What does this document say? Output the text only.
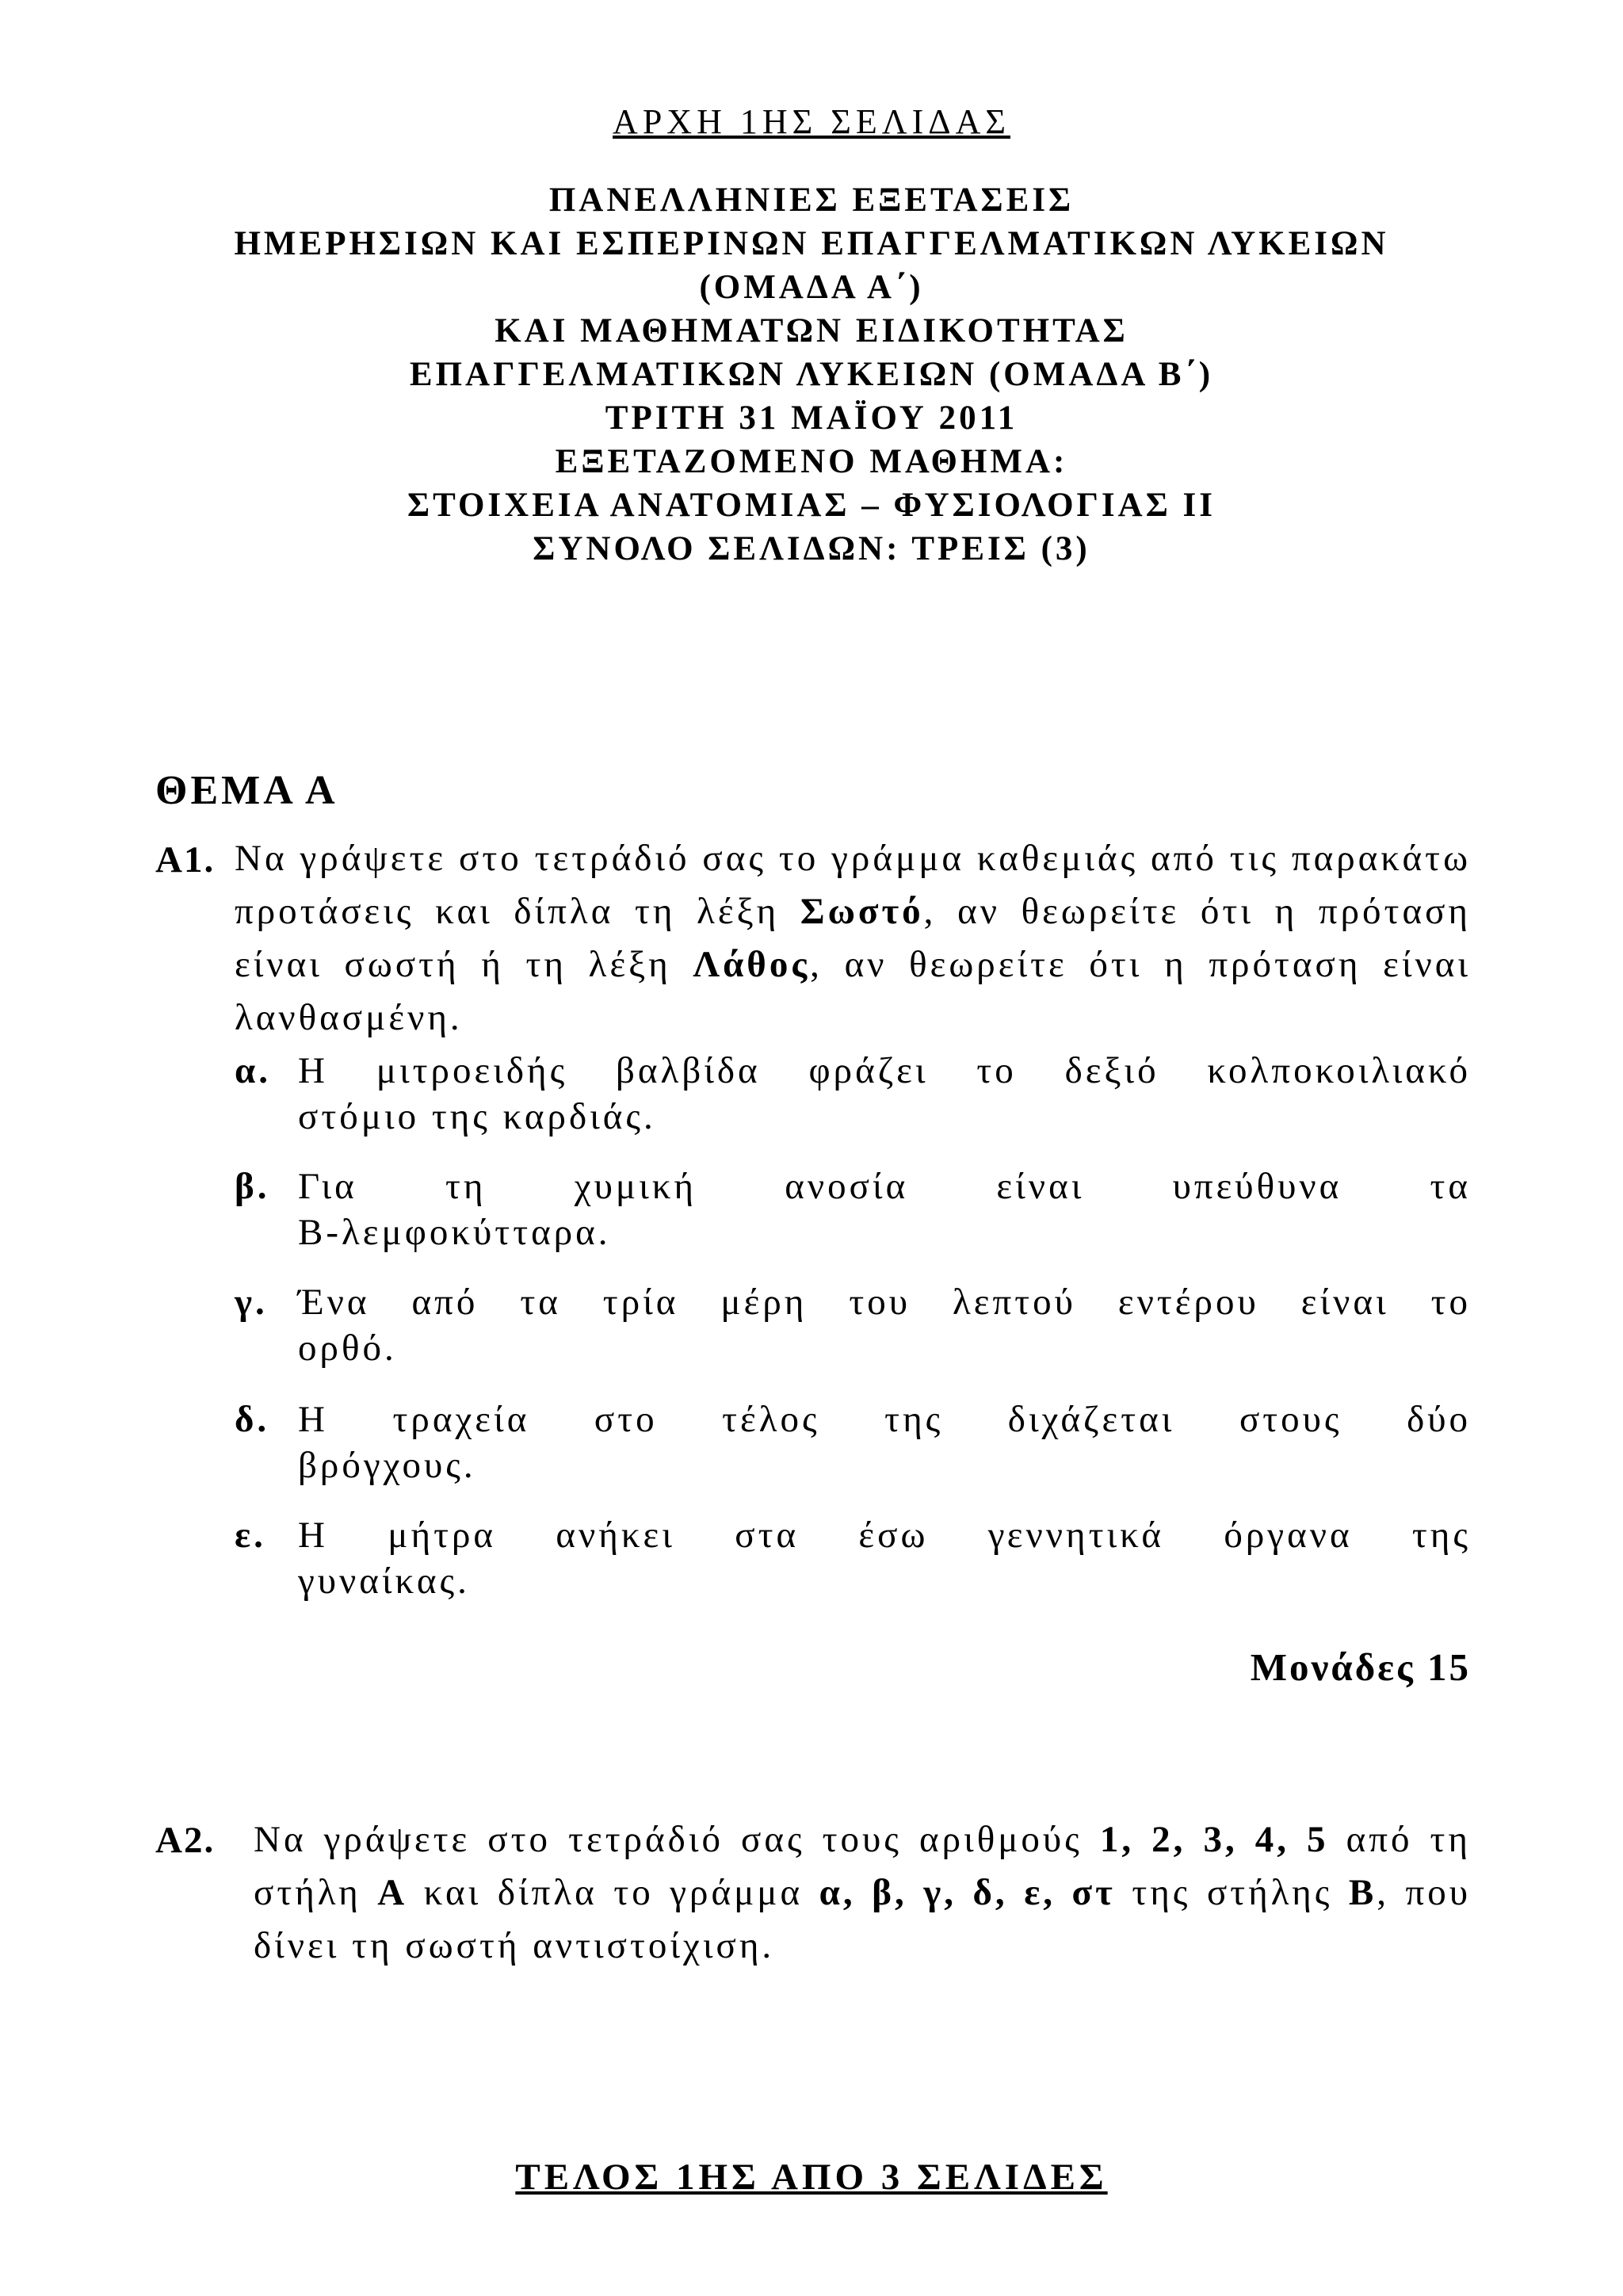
ΑΡΧΗ 1ΗΣ ΣΕΛΙΔΑΣ
ΠΑΝΕΛΛΗΝΙΕΣ ΕΞΕΤΑΣΕΙΣ
ΗΜΕΡΗΣΙΩΝ ΚΑΙ ΕΣΠΕΡΙΝΩΝ ΕΠΑΓΓΕΛΜΑΤΙΚΩΝ ΛΥΚΕΙΩΝ
(ΟΜΑΔΑ Α΄)
ΚΑΙ ΜΑΘΗΜΑΤΩΝ ΕΙΔΙΚΟΤΗΤΑΣ
ΕΠΑΓΓΕΛΜΑΤΙΚΩΝ ΛΥΚΕΙΩΝ (ΟΜΑΔΑ Β΄)
ΤΡΙΤΗ 31 ΜΑΪΟΥ 2011
ΕΞΕΤΑΖΟΜΕΝΟ ΜΑΘΗΜΑ:
ΣΤΟΙΧΕΙΑ ΑΝΑΤΟΜΙΑΣ – ΦΥΣΙΟΛΟΓΙΑΣ ΙΙ
ΣΥΝΟΛΟ ΣΕΛΙΔΩΝ: ΤΡΕΙΣ (3)
ΘΕΜΑ Α
Α1. Να γράψετε στο τετράδιό σας το γράμμα καθεμιάς από τις παρακάτω προτάσεις και δίπλα τη λέξη Σωστό, αν θεωρείτε ότι η πρόταση είναι σωστή ή τη λέξη Λάθος, αν θεωρείτε ότι η πρόταση είναι λανθασμένη.
α. Η μιτροειδής βαλβίδα φράζει το δεξιό κολποκοιλιακό
στόμιο της καρδιάς.
β. Για τη χυμική ανοσία είναι υπεύθυνα τα
Β-λεμφοκύτταρα.
γ. Ένα από τα τρία μέρη του λεπτού εντέρου είναι το
ορθό.
δ. Η τραχεία στο τέλος της διχάζεται στους δύο
βρόγχους.
ε. Η μήτρα ανήκει στα έσω γεννητικά όργανα της
γυναίκας.
Μονάδες 15
Α2. Να γράψετε στο τετράδιό σας τους αριθμούς 1, 2, 3, 4, 5 από τη στήλη Α και δίπλα το γράμμα α, β, γ, δ, ε, στ της στήλης Β, που δίνει τη σωστή αντιστοίχιση.
ΤΕΛΟΣ 1ΗΣ ΑΠΟ 3 ΣΕΛΙΔΕΣ
